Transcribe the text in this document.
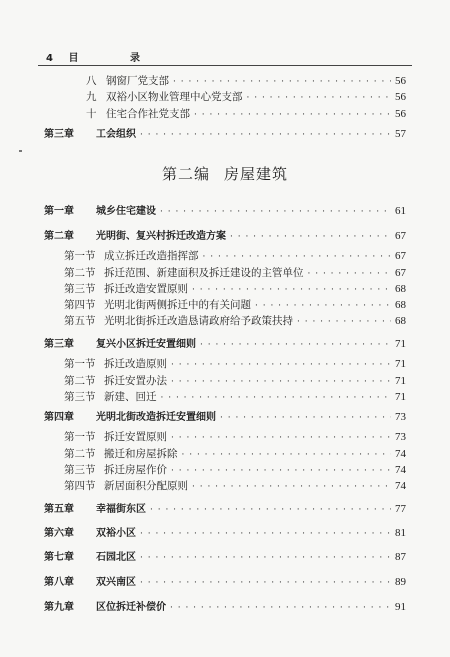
4 目	录
第二编 房屋建筑
八 钢窗厂党支部 · · ·	56
九 双裕小区物业管理中心党支部 · · ·	56
十 住宅合作社党支部 · · ·	56
第三章	工会组织 · · ·	57
第一章	城乡住宅建设 · · ·	61
第二章	光明街、复兴村拆迁改造方案 · · ·	67
第一节 成立拆迁改造指挥部 · · ·	67
第二节 拆迁范围、新建面积及拆迁建设的主管单位 · · ·	67
第三节 拆迁改造安置原则 · · ·	68
第四节 光明北街两侧拆迁中的有关问题 · · ·	68
第五节 光明北街拆迁改造恳请政府给予政策扶持 · · ·	68
第三章	复兴小区拆迁安置细则 · · ·	71
第一节 拆迁改造原则 · · ·	71
第二节 拆迁安置办法 · · ·	71
第三节 新建、回迁 · · ·	71
第四章	光明北街改造拆迁安置细则 · · ·	73
第一节 拆迁安置原则 · · ·	73
第二节 搬迁和房屋拆除 · · ·	74
第三节 拆迁房屋作价 · · ·	74
第四节 新居面积分配原则 · · ·	74
第五章	幸福街东区 · · ·	77
第六章	双裕小区 · · ·	81
第七章	石园北区 · · ·	87
第八章	双兴南区 · · ·	89
第九章	区位拆迁补偿价 · · ·	91
